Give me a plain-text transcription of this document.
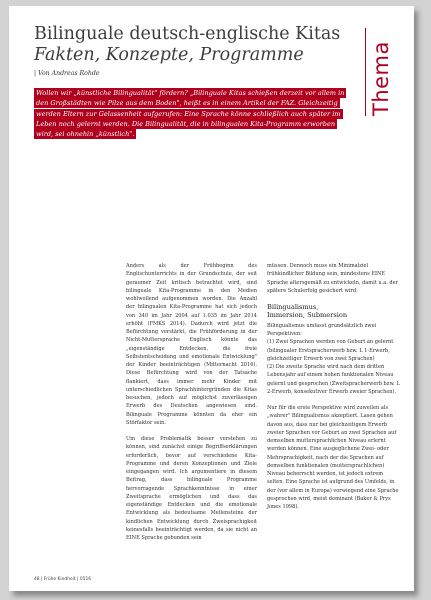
Bilinguale deutsch-englische Kitas
Fakten, Konzepte, Programme
| Von Andreas Rohde	Thema
Wollen wir „künstliche Bilingualität" fördern? „Bilinguale Kitas schießen derzeit vor allem in den Großstädten wie Pilze aus dem Boden", heißt es in einem Artikel der FAZ. Gleichzeitig werden Eltern zur Gelassenheit aufgerufen: Eine Sprache könne schließlich auch später im Leben noch gelernt werden. Die Bilingualität, die in bilingualen Kita-Programm erworben wird, sei ohnehin „künstlich".

Anders als der Frühbeginn des Englischunterrichts in der Grundschule, der seit geraumer Zeit kritisch betrachtet wird, sind bilinguale Kita-Programme in den Medien wohlwollend aufgenommen worden. Die Anzahl der bilingualen Kita-Programme hat sich jedoch von 340 im Jahr 2004 auf 1.035 im Jahr 2014 erhöht (FMKS 2014). Dadurch wird jetzt die Befürchtung verstärkt, die Frühförderung in der Nicht-Muttersprache Englisch könnte das „eigenständige Entdecken, die freie Selbstentscheidung und emotionale Entwicklung" der Kinder beeinträchtigen (Mitternacht 2016). Diese Befürchtung wird von der Tatsache flankiert, dass immer mehr Kinder mit unterschiedlichen Sprachhintergründen die Kitas besuchen, jedoch auf möglichst zuverlässigen Erwerb des Deutschen angewiesen sind. Bilinguale Programme könnten da eher ein Störfaktor sein.

Um diese Problematik besser verstehen zu können, sind zunächst einige Begriffserklärungen erforderlich, bevor auf verschiedene Kita-Programme und deren Konzeptionen und Ziele eingegangen wird. Ich argumentiere in diesem Beitrag, dass bilinguale Programme hervorragende Sprachkenntnisse in einer Zweitsprache ermöglichen und dass das eigenständige Entdecken und die emotionale Entwicklung als bedeutsame Meilensteine der kindlichen Entwicklung durch Zweisprachigkeit keinesfalls beeinträchtigt werden, da sie nicht an EINE Sprache gebunden sein

müssen. Dennoch muss ein Minimalziel frühkindlicher Bildung sein, mindestens EINE Sprache altersgemäß zu entwickeln, damit u.a. der spätere Schulerfolg gesichert wird.

Bilingualismus,
Immersion, Submersion
Bilingualismus umfasst grundsätzlich zwei Perspektiven:
(1) Zwei Sprachen werden von Geburt an gelernt (bilingualer Erstspracherwerb bzw. L 1-Erwerb, gleichzeitiger Erwerb von zwei Sprachen)

(2) Die zweite Sprache wird nach dem dritten Lebensjahr auf einem hohen funktionalen Niveau gelernt und gesprochen (Zweitspracherwerb bzw. L 2-Erwerb, konsekutiver Erwerb zweier Sprachen).

Nur für die erste Perspektive wird zuweilen als „wahrer" Bilingualismus akzeptiert. Lasen gehen davon aus, dass nur bei gleichzeitigem Erwerb zweier Sprachen vor Geburt an zwei Sprachen auf demselben muttersprachlichen Niveau erlernt werden können. Eine ausgeglichene Zwei- oder Mehrsprachigkeit, nach der die Sprachen auf demselben funktionalen (muttersprachlichen) Niveau beherrscht werden, ist jedoch extrem selten. Eine Sprache ist aufgrund des Umfelds, in der (vor allem in Europa) vorwiegend eine Sprache gesprochen wird, meist dominant (Baker & Prys Jones 1998).

48 | Frühe Kindheit | 0516
